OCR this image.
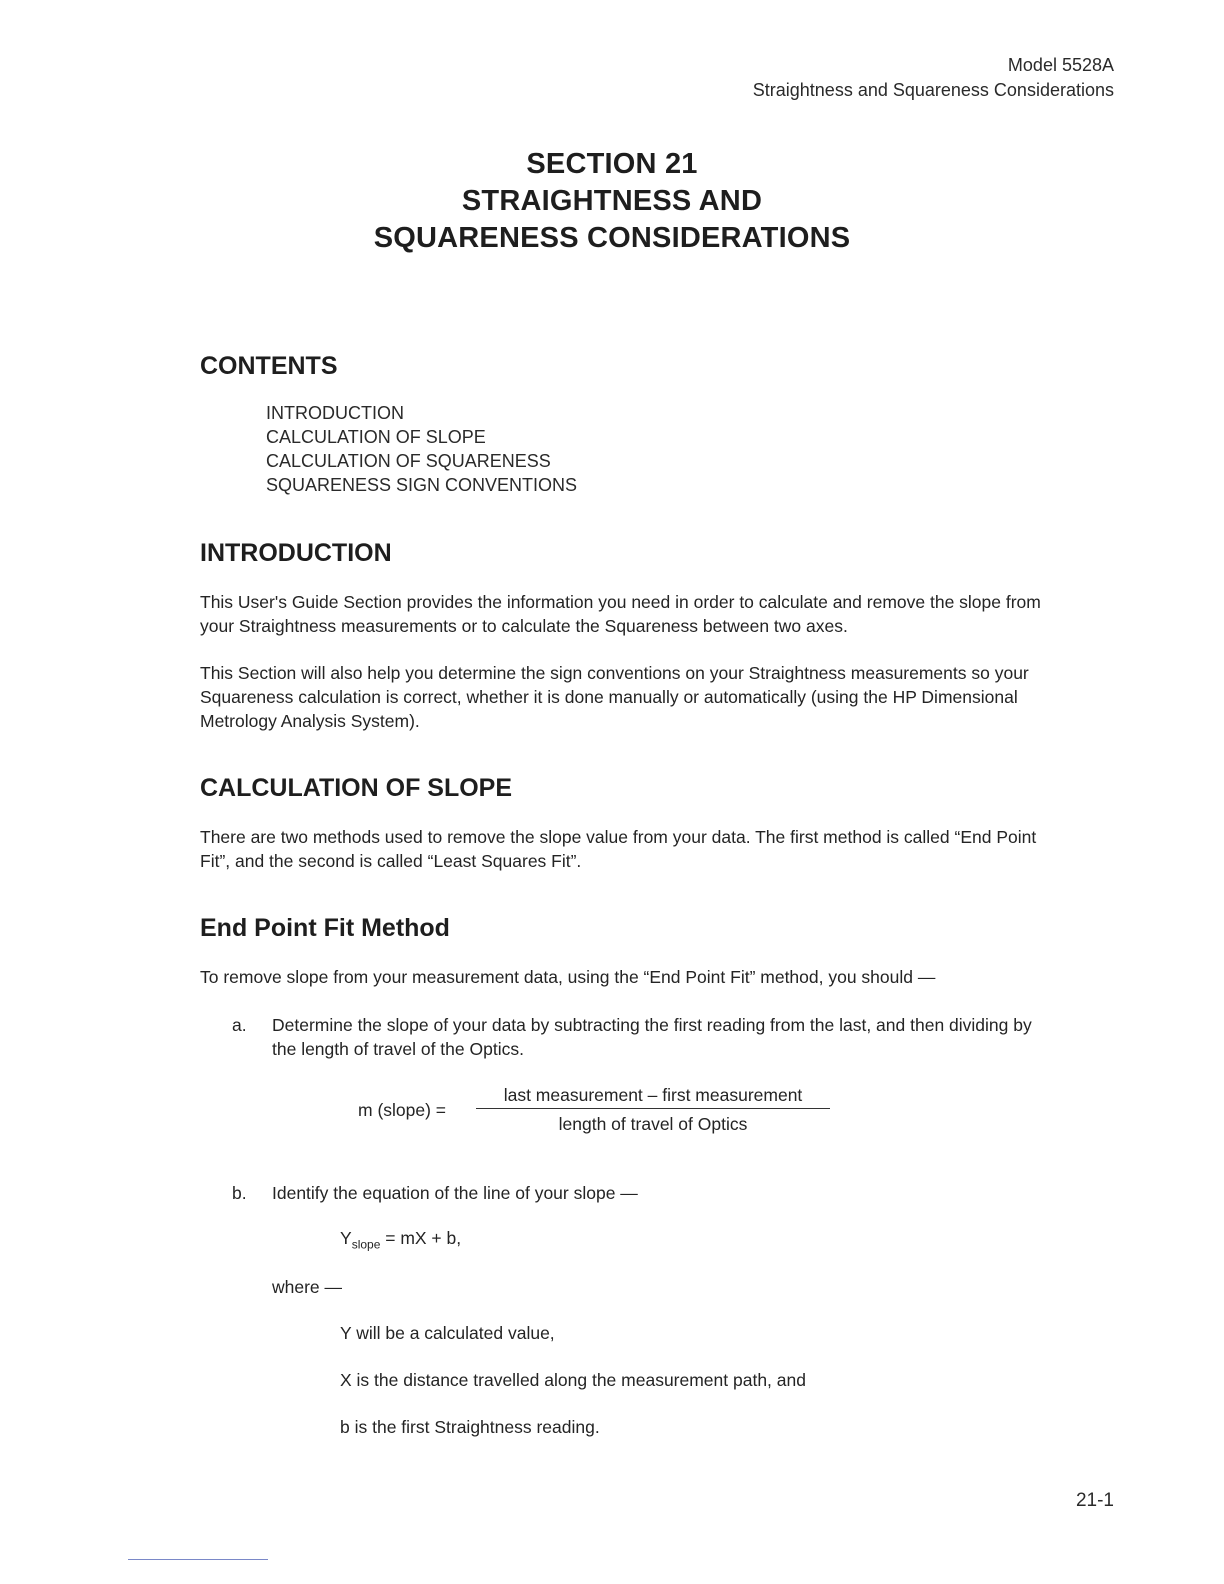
Model 5528A
Straightness and Squareness Considerations
SECTION 21
STRAIGHTNESS AND
SQUARENESS CONSIDERATIONS
CONTENTS
INTRODUCTION
CALCULATION OF SLOPE
CALCULATION OF SQUARENESS
SQUARENESS SIGN CONVENTIONS
INTRODUCTION
This User's Guide Section provides the information you need in order to calculate and remove the slope from your Straightness measurements or to calculate the Squareness between two axes.
This Section will also help you determine the sign conventions on your Straightness measurements so your Squareness calculation is correct, whether it is done manually or automatically (using the HP Dimensional Metrology Analysis System).
CALCULATION OF SLOPE
There are two methods used to remove the slope value from your data. The first method is called “End Point Fit”, and the second is called “Least Squares Fit”.
End Point Fit Method
To remove slope from your measurement data, using the “End Point Fit” method, you should —
a. Determine the slope of your data by subtracting the first reading from the last, and then dividing by the length of travel of the Optics.
m (slope) =
last measurement – first measurement
length of travel of Optics
b. Identify the equation of the line of your slope —
$Y_{slope}$ = mX + b,
where —
Y will be a calculated value,
X is the distance travelled along the measurement path, and
b is the first Straightness reading.
21-1
